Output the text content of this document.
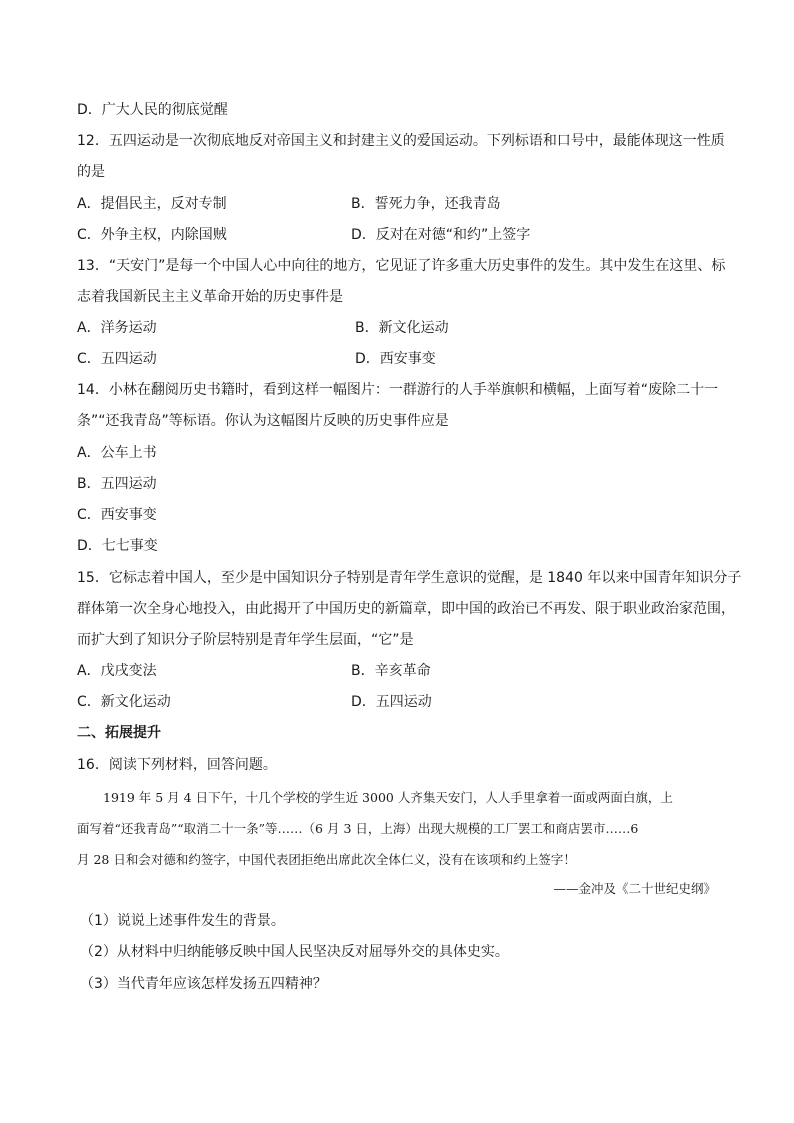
D．广大人民的彻底觉醒
12．五四运动是一次彻底地反对帝国主义和封建主义的爱国运动。下列标语和口号中，最能体现这一性质
的是
A．提倡民主，反对专制	B．誓死力争，还我青岛
C．外争主权，内除国贼	D．反对在对德“和约”上签字
13．“天安门”是每一个中国人心中向往的地方，它见证了许多重大历史事件的发生。其中发生在这里、标
志着我国新民主主义革命开始的历史事件是
A．洋务运动	B．新文化运动
C．五四运动	D．西安事变
14．小林在翻阅历史书籍时，看到这样一幅图片：一群游行的人手举旗帜和横幅，上面写着“废除二十一
条”“还我青岛”等标语。你认为这幅图片反映的历史事件应是
A．公车上书
B．五四运动
C．西安事变
D．七七事变
15．它标志着中国人，至少是中国知识分子特别是青年学生意识的觉醒，是 1840 年以来中国青年知识分子
群体第一次全身心地投入，由此揭开了中国历史的新篇章，即中国的政治已不再发、限于职业政治家范围，
而扩大到了知识分子阶层特别是青年学生层面，“它”是
A．戊戌变法	B．辛亥革命
C．新文化运动	D．五四运动
二、拓展提升
16．阅读下列材料，回答问题。
1919 年 5 月 4 日下午，十几个学校的学生近 3000 人齐集天安门，人人手里拿着一面或两面白旗，上
面写着“还我青岛”“取消二十一条”等……（6 月 3 日，上海）出现大规模的工厂罢工和商店罢市……6
月 28 日和会对德和约签字，中国代表团拒绝出席此次全体仁义，没有在该项和约上签字！
——金冲及《二十世纪史纲》
（1）说说上述事件发生的背景。
（2）从材料中归纳能够反映中国人民坚决反对屈辱外交的具体史实。
（3）当代青年应该怎样发扬五四精神？
